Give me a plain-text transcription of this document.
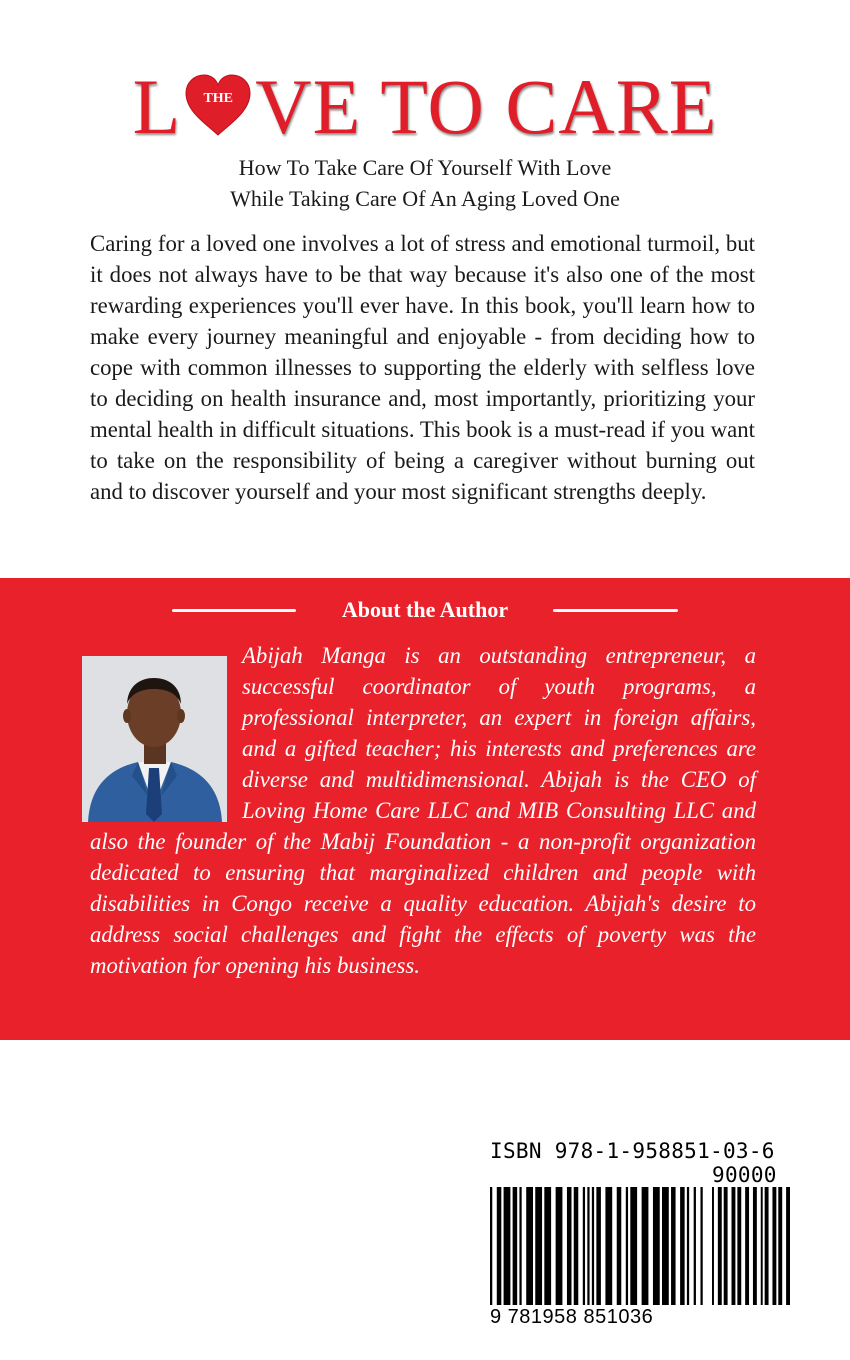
L	THE VE TO CARE
How To Take Care Of Yourself With Love
While Taking Care Of An Aging Loved One

Caring for a loved one involves a lot of stress and emotional turmoil, but it does not always have to be that way because it's also one of the most rewarding experiences you'll ever have. In this book, you'll learn how to make every journey meaningful and enjoyable - from deciding how to cope with common illnesses to supporting the elderly with selfless love to deciding on health insurance and, most importantly, prioritizing your mental health in difficult situations. This book is a must-read if you want to take on the responsibility of being a caregiver without burning out and to discover yourself and your most significant strengths deeply.

About the Author

Abijah Manga is an outstanding entrepreneur, a successful coordinator of youth programs, a professional interpreter, an expert in foreign affairs, and a gifted teacher; his interests and preferences are diverse and multidimensional. Abijah is the CEO of Loving Home Care LLC and MIB Consulting LLC and also the founder of the Mabij Foundation - a non-profit organization dedicated to ensuring that marginalized children and people with disabilities in Congo receive a quality education. Abijah's desire to address social challenges and fight the effects of poverty was the motivation for opening his business.

ISBN 978-1-958851-03-6
90000
9 781958 851036
